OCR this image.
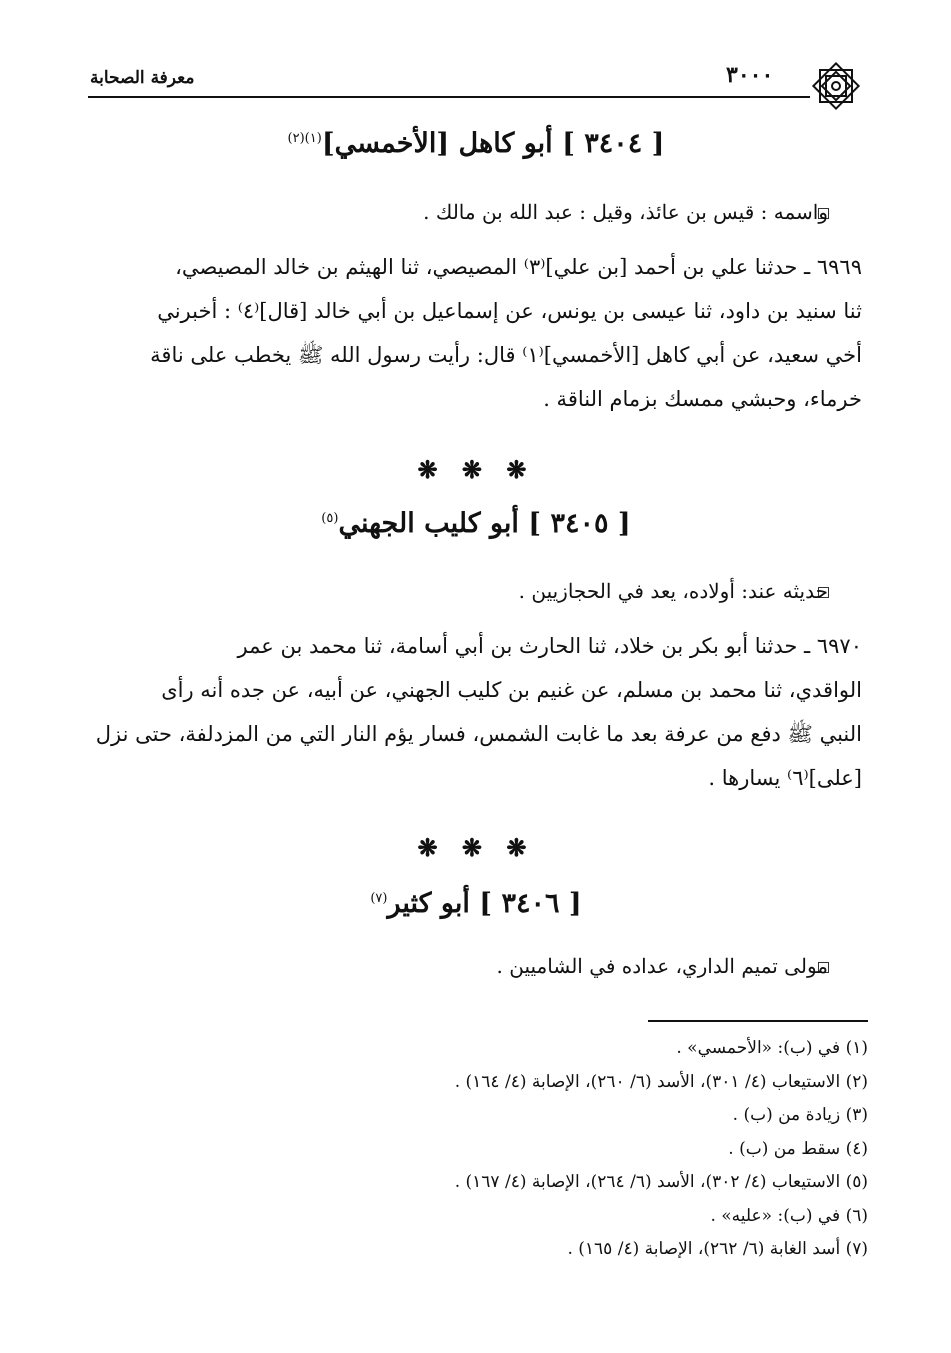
معرفة الصحابة	٣٠٠٠
[ ٣٤٠٤ ] أبو كاهل [الأخمسي]$^{(١)(٢)}$
واسمه : قيس بن عائذ، وقيل : عبد الله بن مالك .
٦٩٦٩ ـ حدثنا علي بن أحمد [بن علي]⁽٣⁾ المصيصي، ثنا الهيثم بن خالد المصيصي،
ثنا سنيد بن داود، ثنا عيسى بن يونس، عن إسماعيل بن أبي خالد [قال]⁽٤⁾ : أخبرني
أخي سعيد، عن أبي كاهل [الأخمسي]⁽١⁾ قال: رأيت رسول الله ﷺ يخطب على ناقة
خرماء، وحبشي ممسك بزمام الناقة .
❋ ❋ ❋
[ ٣٤٠٥ ] أبو كليب الجهني$^{(٥)}$
حديثه عند: أولاده، يعد في الحجازيين .
٦٩٧٠ ـ حدثنا أبو بكر بن خلاد، ثنا الحارث بن أبي أسامة، ثنا محمد بن عمر
الواقدي، ثنا محمد بن مسلم، عن غنيم بن كليب الجهني، عن أبيه، عن جده أنه رأى
النبي ﷺ دفع من عرفة بعد ما غابت الشمس، فسار يؤم النار التي من المزدلفة، حتى نزل
[على]⁽٦⁾ يسارها .
❋ ❋ ❋
[ ٣٤٠٦ ] أبو كثير$^{(٧)}$
مولى تميم الداري، عداده في الشاميين .
(١) في (ب): «الأحمسي» .
(٢) الاستيعاب (٤/ ٣٠١)، الأسد (٦/ ٢٦٠)، الإصابة (٤/ ١٦٤) .
(٣) زيادة من (ب) .
(٤) سقط من (ب) .
(٥) الاستيعاب (٤/ ٣٠٢)، الأسد (٦/ ٢٦٤)، الإصابة (٤/ ١٦٧) .
(٦) في (ب): «عليه» .
(٧) أسد الغابة (٦/ ٢٦٢)، الإصابة (٤/ ١٦٥) .
